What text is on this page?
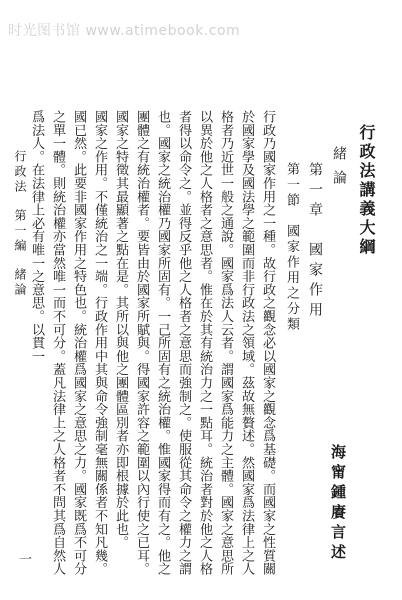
时光图书馆 www.atimebook.com
行政法講義大綱
海甯鍾賡言述
緒論
第一章　國家作用
第一節　國家作用之分類

行政乃國家作用之一種。故行政之觀念必以國家之觀念爲基礎。而國家之性質關於國家學及國法學之範圍而非行政法之領域。茲故無贅述。然國家爲法律上之人格者乃近世一般之通說。國家爲法人云者。謂國家爲能力之主體。國家之意思所以異於他之人格者之意思者。惟在於其有統治力之一點耳。統治者對於他之人格者得以命令之。並得反乎他之人格者之意思而強制之。使服從其命令之權力之謂也。國家之統治權乃國家所固有。一己所固有之統治權。惟國家得而有之。他之團體之有統治權者。要皆由於國家所賦與。得國家許容之範圍以內行使之已耳。國家之特徵其最顯著之點在是。其所以與他之團體區別者亦即根據於此也。

國家之作用。不僅統治之一端。行政作用中其與命令強制毫無關係者不知凡幾。國已然。此要非國家作用之特色也。統治權爲國家之意思之力。國家既爲不可分之單一體。則統治權亦當然唯一而不可分。蓋凡法律上之人格者不問其爲自然人爲法人。在法律上必有唯一之意思。以貫一

行政法第一編緒論
一
